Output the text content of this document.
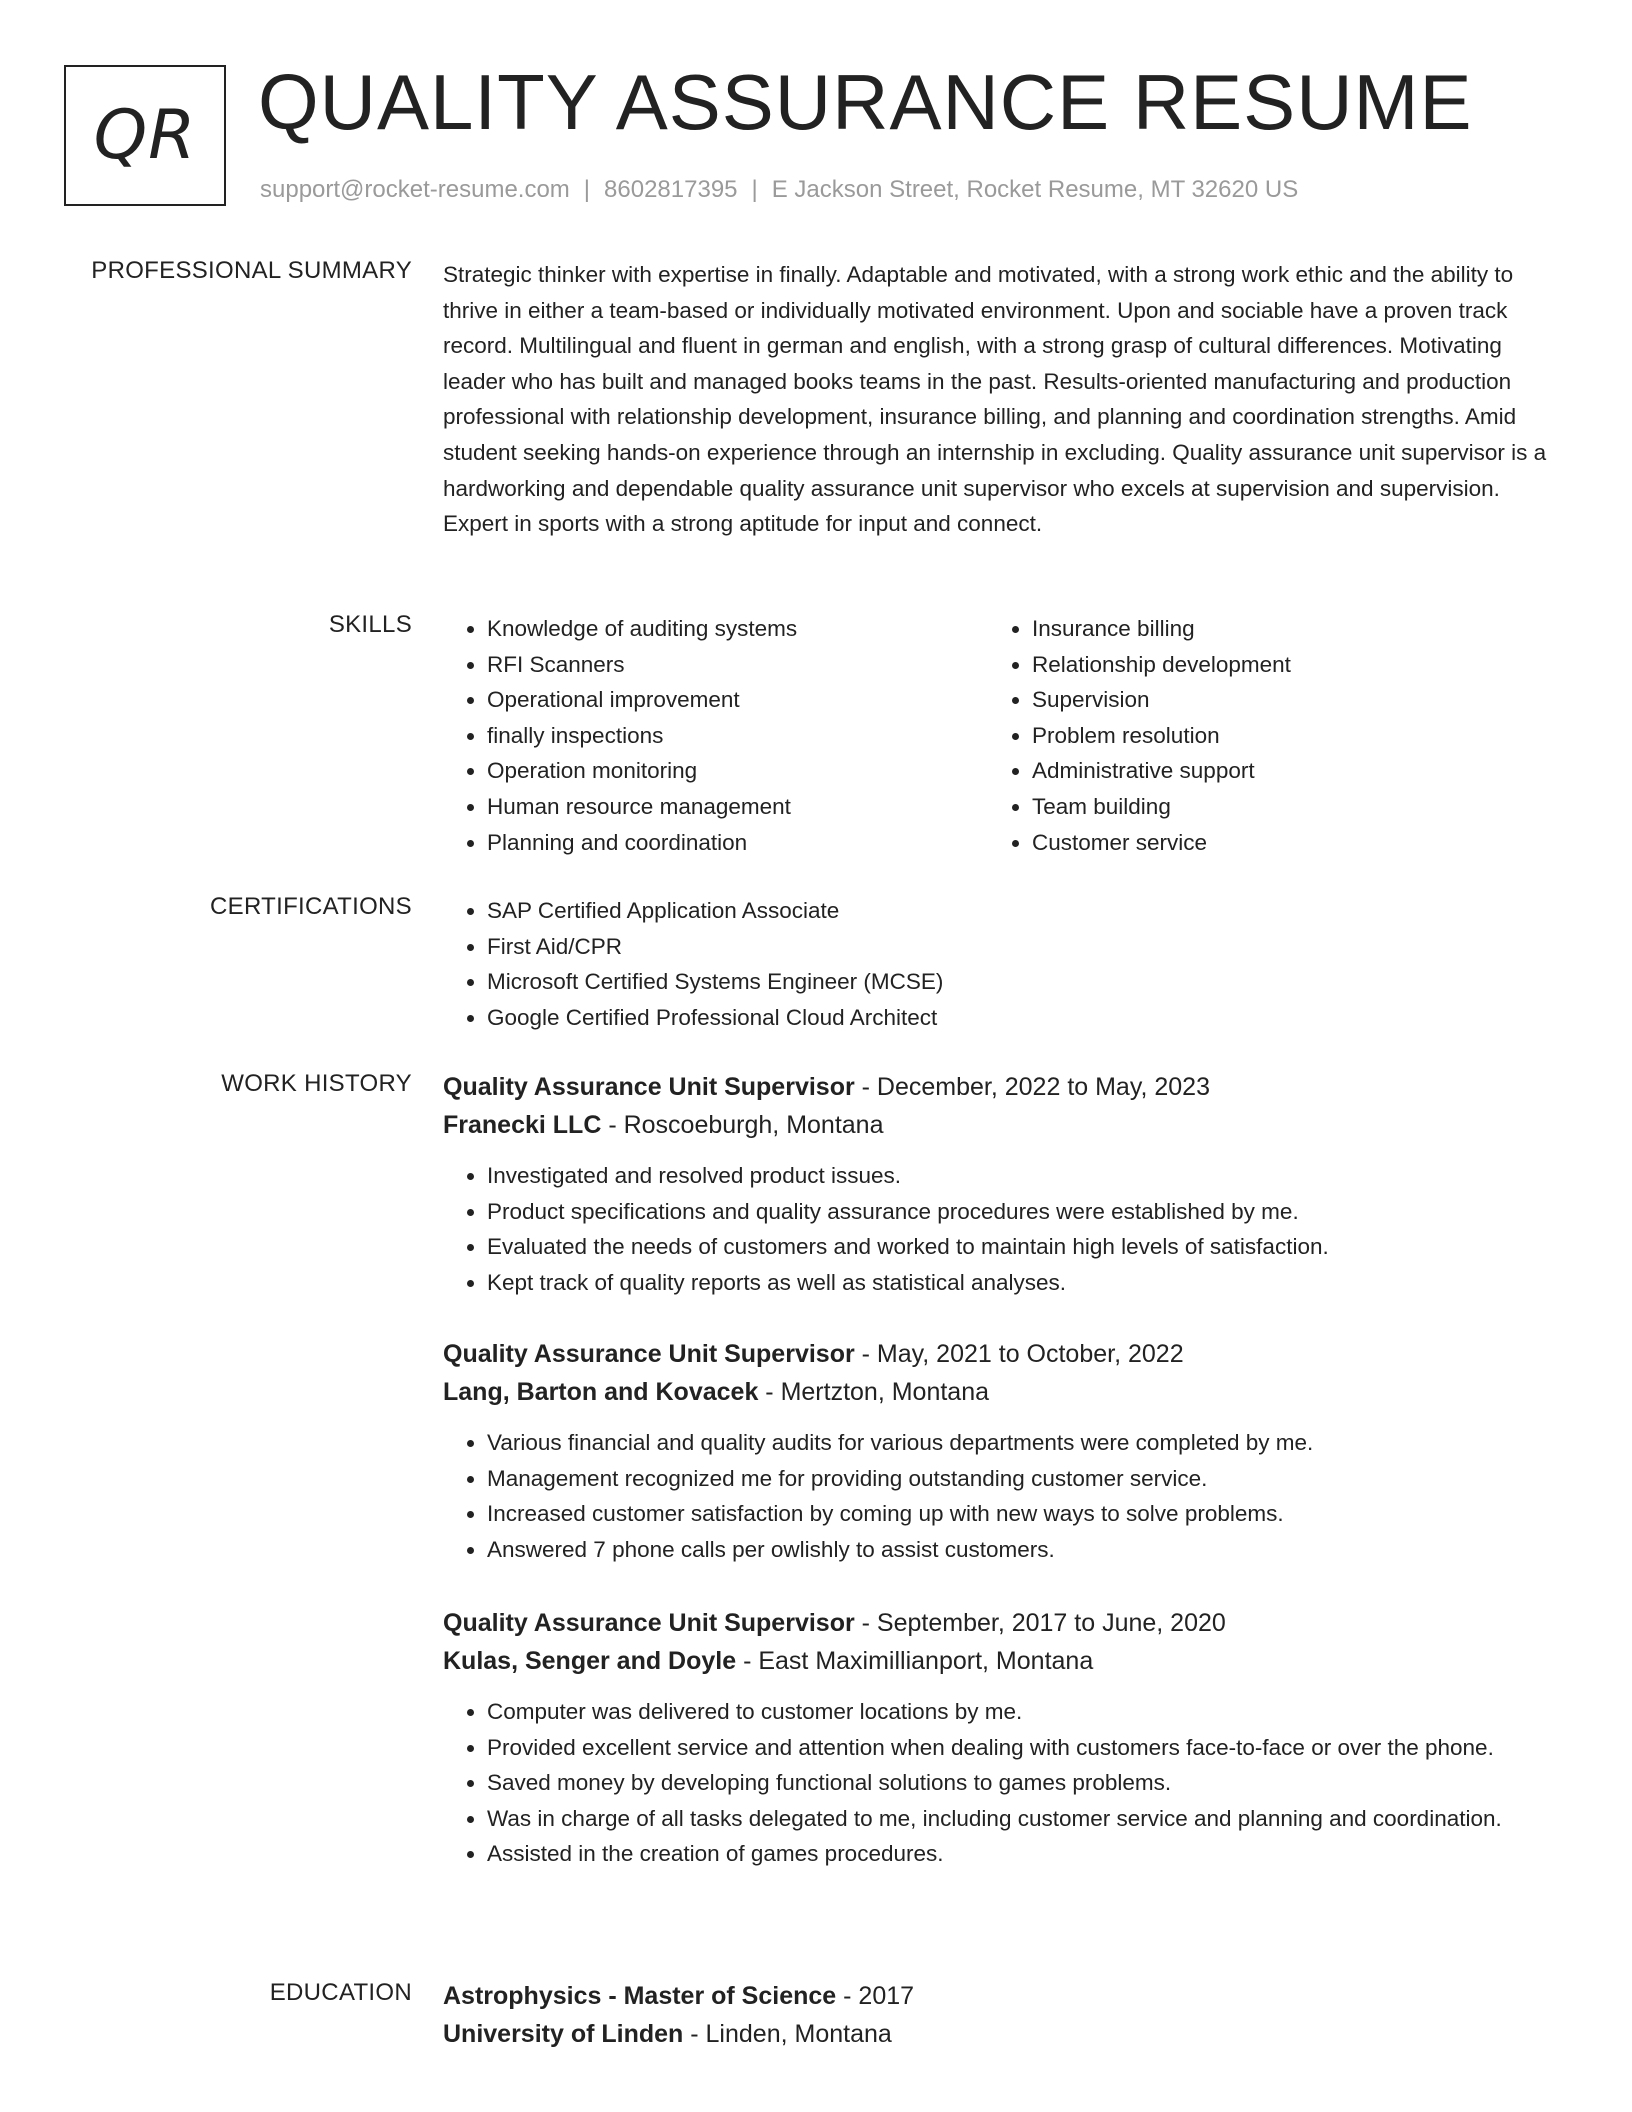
QR QUALITY ASSURANCE RESUME
support@rocket-resume.com | 8602817395 | E Jackson Street, Rocket Resume, MT 32620 US
PROFESSIONAL SUMMARY Strategic thinker with expertise in finally. Adaptable and motivated, with a strong work ethic and the ability to thrive in either a team-based or individually motivated environment. Upon and sociable have a proven track record. Multilingual and fluent in german and english, with a strong grasp of cultural differences. Motivating leader who has built and managed books teams in the past. Results-oriented manufacturing and production professional with relationship development, insurance billing, and planning and coordination strengths. Amid student seeking hands-on experience through an internship in excluding. Quality assurance unit supervisor is a hardworking and dependable quality assurance unit supervisor who excels at supervision and supervision. Expert in sports with a strong aptitude for input and connect.

SKILLS	• Knowledge of auditing systems
• RFI Scanners
• Operational improvement
• finally inspections
• Operation monitoring
• Human resource management
• Planning and coordination
• Insurance billing
• Relationship development
• Supervision
• Problem resolution
• Administrative support
• Team building
• Customer service
CERTIFICATIONS	• SAP Certified Application Associate
• First Aid/CPR
• Microsoft Certified Systems Engineer (MCSE)
• Google Certified Professional Cloud Architect
WORK HISTORY Quality Assurance Unit Supervisor - December, 2022 to May, 2023
Franecki LLC - Roscoeburgh, Montana
• Investigated and resolved product issues.
• Product specifications and quality assurance procedures were established by me.
• Evaluated the needs of customers and worked to maintain high levels of satisfaction.
• Kept track of quality reports as well as statistical analyses.
Quality Assurance Unit Supervisor - May, 2021 to October, 2022
Lang, Barton and Kovacek - Mertzton, Montana
• Various financial and quality audits for various departments were completed by me.
• Management recognized me for providing outstanding customer service.
• Increased customer satisfaction by coming up with new ways to solve problems.
• Answered 7 phone calls per owlishly to assist customers.
Quality Assurance Unit Supervisor - September, 2017 to June, 2020
Kulas, Senger and Doyle - East Maximillianport, Montana
• Computer was delivered to customer locations by me.
• Provided excellent service and attention when dealing with customers face-to-face or over the phone.
• Saved money by developing functional solutions to games problems.
• Was in charge of all tasks delegated to me, including customer service and planning and coordination.
• Assisted in the creation of games procedures.
EDUCATION Astrophysics - Master of Science - 2017
University of Linden - Linden, Montana
